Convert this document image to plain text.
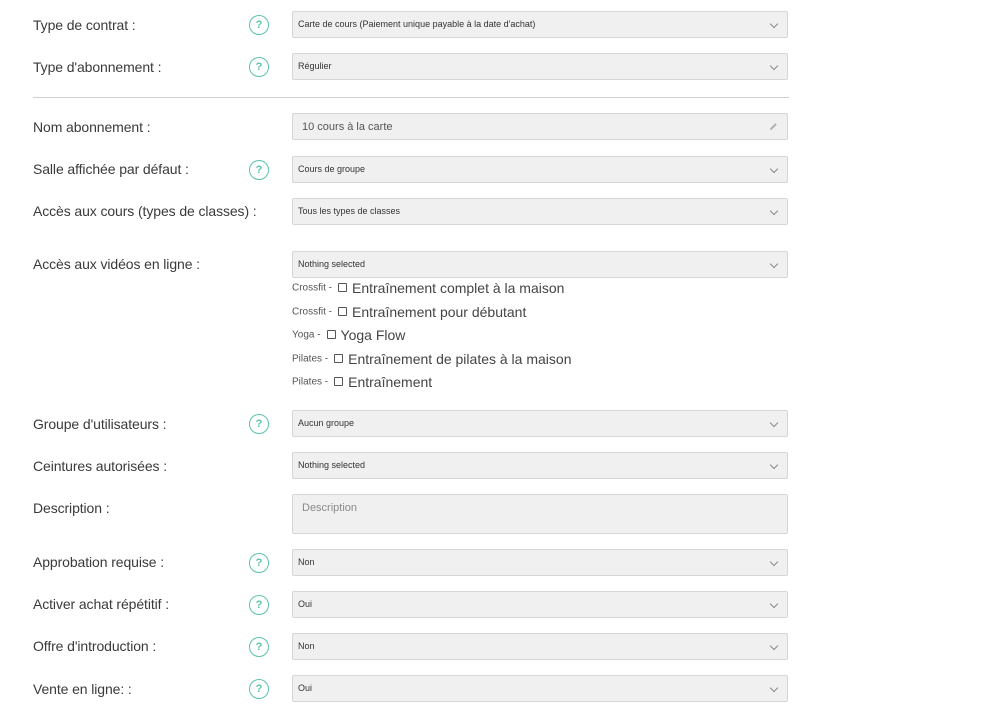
Type de contrat :	?	Carte de cours (Paiement unique payable à la date d'achat)
Type d'abonnement :	?	Régulier
Nom abonnement :	10 cours à la carte
Salle affichée par défaut :	?	Cours de groupe
Accès aux cours (types de classes) :	Tous les types de classes
Accès aux vidéos en ligne :	Nothing selected
Crossfit - Entraînement complet à la maison
Crossfit - Entraînement pour débutant
Yoga - Yoga Flow
Pilates - Entraînement de pilates à la maison
Pilates - Entraînement
Groupe d'utilisateurs :	?	Aucun groupe
Ceintures autorisées :	Nothing selected
Description :	Description
Approbation requise :	?	Non
Activer achat répétitif :	?	Oui
Offre d'introduction :	?	Non
Vente en ligne: :	?	Oui
